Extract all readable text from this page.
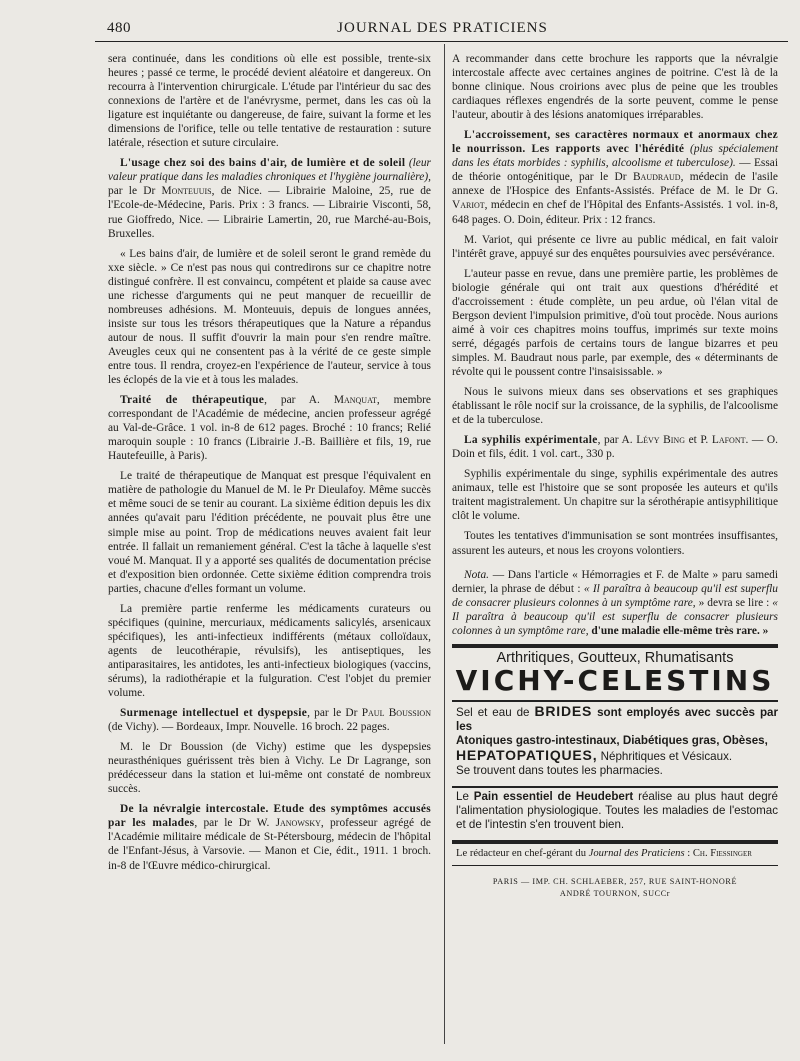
480	JOURNAL DES PRATICIENS

sera continuée, dans les conditions où elle est possible, trente-six heures ; passé ce terme, le procédé devient aléatoire et dangereux. On recourra à l'intervention chirurgicale. L'étude par l'intérieur du sac des connexions de l'artère et de l'anévrysme, permet, dans les cas où la ligature est inquiétante ou dangereuse, de faire, suivant la forme et les dimensions de l'orifice, telle ou telle tentative de restauration : suture latérale, résection et suture circulaire.

L'usage chez soi des bains d'air, de lumière et de soleil (leur valeur pratique dans les maladies chroniques et l'hygiène journalière), par le Dr Monteuuis, de Nice. — Librairie Maloine, 25, rue de l'Ecole-de-Médecine, Paris. Prix : 3 francs. — Librairie Visconti, 58, rue Gioffredo, Nice. — Librairie Lamertin, 20, rue Marché-au-Bois, Bruxelles.

« Les bains d'air, de lumière et de soleil seront le grand remède du xxe siècle. » Ce n'est pas nous qui contredirons sur ce chapitre notre distingué confrère. Il est convaincu, compétent et plaide sa cause avec une richesse d'arguments qui ne peut manquer de recueillir de nombreuses adhésions. M. Monteuuis, depuis de longues années, insiste sur tous les trésors thérapeutiques que la Nature a répandus autour de nous. Il suffit d'ouvrir la main pour s'en rendre maître. Aveugles ceux qui ne consentent pas à la vérité de ce geste simple entre tous. Il rendra, croyez-en l'expérience de l'auteur, service à tous les éclopés de la vie et à tous les malades.

Traité de thérapeutique, par A. Manquat, membre correspondant de l'Académie de médecine, ancien professeur agrégé au Val-de-Grâce. 1 vol. in-8 de 612 pages. Broché : 10 francs; Relié maroquin souple : 10 francs (Librairie J.-B. Baillière et fils, 19, rue Hautefeuille, à Paris).

Le traité de thérapeutique de Manquat est presque l'équivalent en matière de pathologie du Manuel de M. le Pr Dieulafoy. Même succès et même souci de se tenir au courant. La sixième édition depuis les dix années qu'avait paru l'édition précédente, ne pouvait plus être une simple mise au point. Trop de médications neuves avaient fait leur entrée. Il fallait un remaniement général. C'est la tâche à laquelle s'est voué M. Manquat. Il y a apporté ses qualités de documentation précise et d'exposition bien ordonnée. Cette sixième édition comprendra trois parties, chacune d'elles formant un volume.

La première partie renferme les médicaments curateurs ou spécifiques (quinine, mercuriaux, médicaments salicylés, arsenicaux spécifiques), les anti-infectieux indifférents (métaux colloïdaux, agents de leucothérapie, révulsifs), les antiseptiques, les antiparasitaires, les antidotes, les anti-infectieux biologiques (vaccins, sérums), la radiothérapie et la fulguration. C'est l'objet du premier volume.

Surmenage intellectuel et dyspepsie, par le Dr Paul Boussion (de Vichy). — Bordeaux, Impr. Nouvelle. 16 broch. 22 pages.

M. le Dr Boussion (de Vichy) estime que les dyspepsies neurasthéniques guérissent très bien à Vichy. Le Dr Lagrange, son prédécesseur dans la station et lui-même ont constaté de nombreux succès.

De la névralgie intercostale. Etude des symptômes accusés par les malades, par le Dr W. Janowsky, professeur agrégé de l'Académie militaire médicale de St-Pétersbourg, médecin de l'hôpital de l'Enfant-Jésus, à Varsovie. — Manon et Cie, édit., 1911. 1 broch. in-8 de l'Œuvre médico-chirurgical.

A recommander dans cette brochure les rapports que la névralgie intercostale affecte avec certaines angines de poitrine. C'est là de la bonne clinique. Nous croirions avec plus de peine que les troubles cardiaques réflexes engendrés de la sorte peuvent, comme le pense l'auteur, aboutir à des lésions anatomiques irréparables.

L'accroissement, ses caractères normaux et anormaux chez le nourrisson. Les rapports avec l'hérédité (plus spécialement dans les états morbides : syphilis, alcoolisme et tuberculose). — Essai de théorie ontogénitique, par le Dr Baudraud, médecin de l'asile annexe de l'Hospice des Enfants-Assistés. Préface de M. le Dr G. Variot, médecin en chef de l'Hôpital des Enfants-Assistés. 1 vol. in-8, 648 pages. O. Doin, éditeur. Prix : 12 francs.

M. Variot, qui présente ce livre au public médical, en fait valoir l'intérêt grave, appuyé sur des enquêtes poursuivies avec persévérance.

L'auteur passe en revue, dans une première partie, les problèmes de biologie générale qui ont trait aux questions d'hérédité et d'accroissement : étude complète, un peu ardue, où l'élan vital de Bergson devient l'impulsion primitive, d'où tout procède. Nous aurions aimé à voir ces chapitres moins touffus, imprimés sur texte moins serré, dégagés parfois de certains tours de langue bizarres et peu simples. M. Baudraut nous parle, par exemple, des « déterminants de révolte qui le poussent contre l'insaisissable. »

Nous le suivons mieux dans ses observations et ses graphiques établissant le rôle nocif sur la croissance, de la syphilis, de l'alcoolisme et de la tuberculose.

La syphilis expérimentale, par A. Lévy Bing et P. Lafont. — O. Doin et fils, édit. 1 vol. cart., 330 p.

Syphilis expérimentale du singe, syphilis expérimentale des autres animaux, telle est l'histoire que se sont proposée les auteurs et qu'ils traitent magistralement. Un chapitre sur la sérothérapie antisyphilitique clôt le volume.

Toutes les tentatives d'immunisation se sont montrées insuffisantes, assurent les auteurs, et nous les croyons volontiers.

Nota. — Dans l'article « Hémorragies et F. de Malte » paru samedi dernier, la phrase de début : « Il paraîtra à beaucoup qu'il est superflu de consacrer plusieurs colonnes à un symptôme rare, » devra se lire : « Il paraîtra à beaucoup qu'il est superflu de consacrer plusieurs colonnes à un symptôme rare, d'une maladie elle-même très rare. »

Arthritiques, Goutteux, Rhumatisants
VICHY-CELESTINS
Sel et eau de BRIDES sont employés avec succès par les
Atoniques gastro-intestinaux, Diabétiques gras, Obèses,
HEPATOPATIQUES, Néphritiques et Vésicaux.
Se trouvent dans toutes les pharmacies.
Le Pain essentiel de Heudebert réalise au plus haut degré l'alimentation physiologique. Toutes les maladies de l'estomac et de l'intestin s'en trouvent bien.
Le rédacteur en chef-gérant du Journal des Praticiens : Ch. Fiessinger
PARIS — IMP. CH. SCHLAEBER, 257, RUE SAINT-HONORÉ
ANDRÉ TOURNON, SUCCr
